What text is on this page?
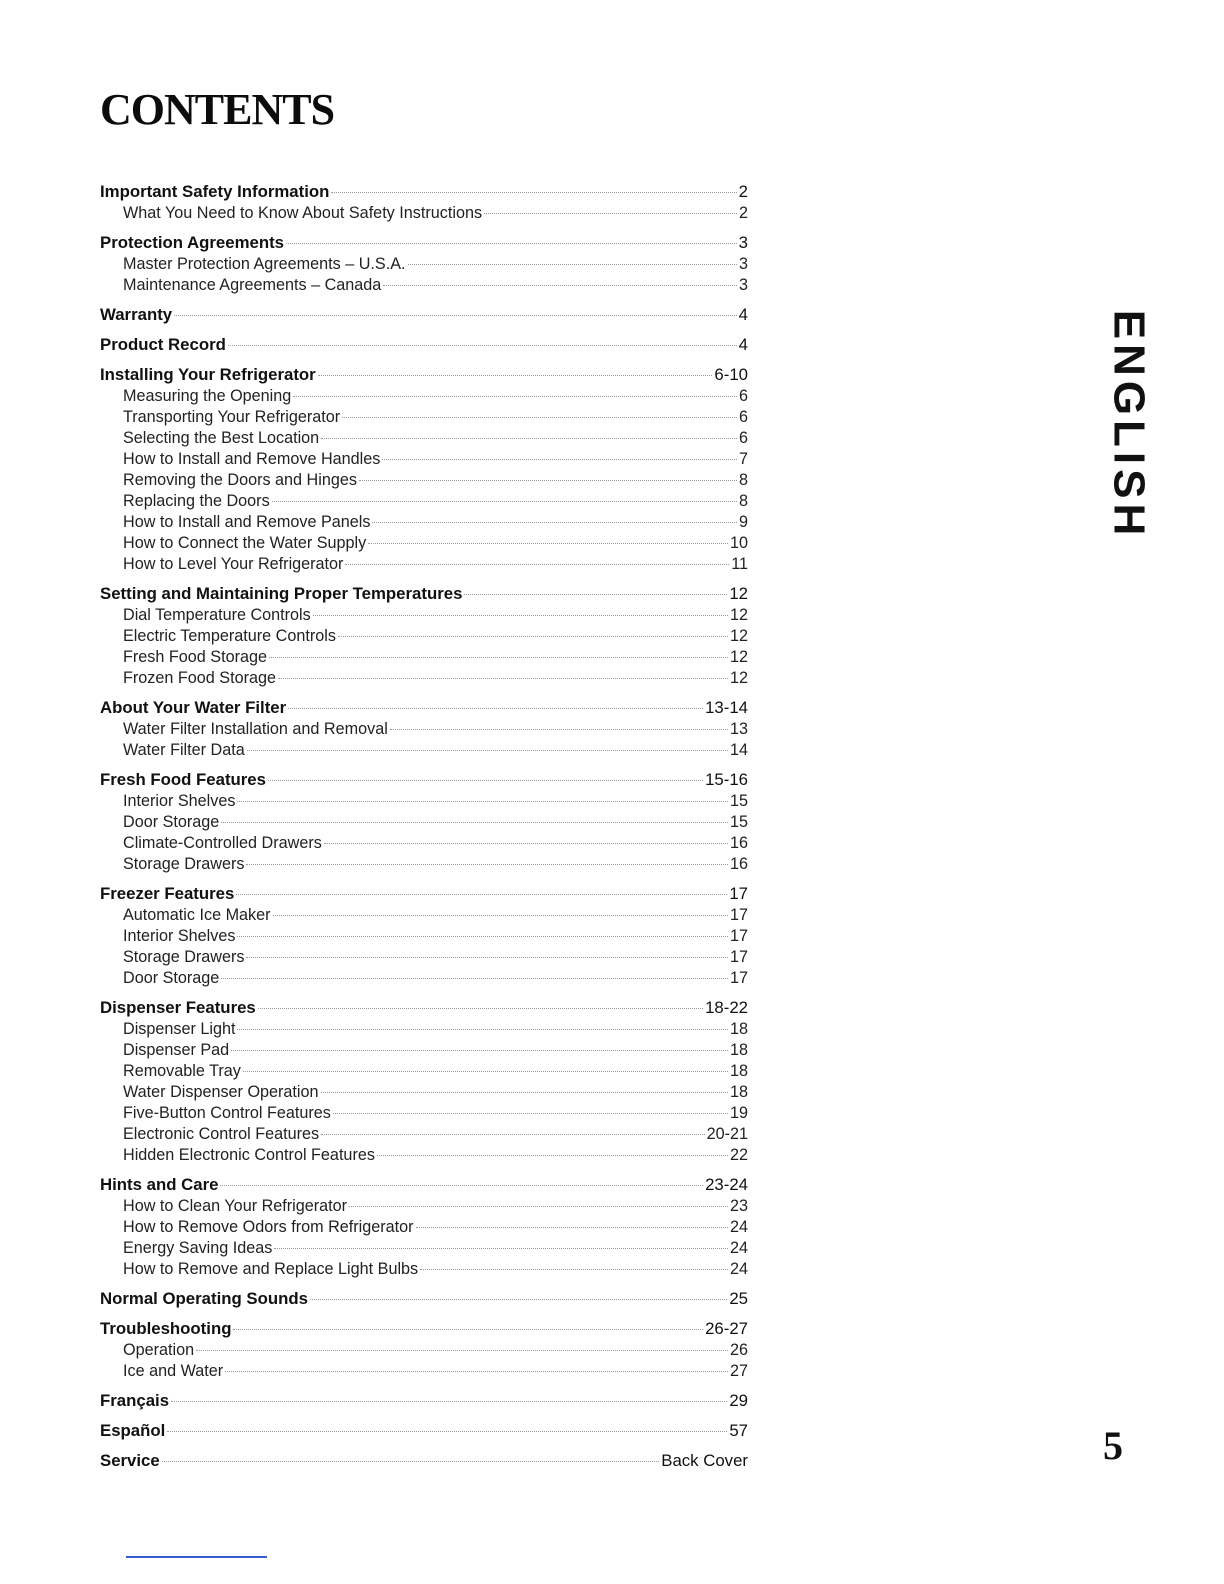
CONTENTS
Important Safety Information	2
What You Need to Know About Safety Instructions	2
Protection Agreements	3
Master Protection Agreements – U.S.A.	3
Maintenance Agreements – Canada	3
Warranty	4
Product Record	4
Installing Your Refrigerator	6-10
Measuring the Opening	6
Transporting Your Refrigerator	6
Selecting the Best Location	6
How to Install and Remove Handles	7
Removing the Doors and Hinges	8
Replacing the Doors	8
How to Install and Remove Panels	9
How to Connect the Water Supply	10
How to Level Your Refrigerator	11
Setting and Maintaining Proper Temperatures	12
Dial Temperature Controls	12
Electric Temperature Controls	12
Fresh Food Storage	12
Frozen Food Storage	12
About Your Water Filter	13-14
Water Filter Installation and Removal	13
Water Filter Data	14
Fresh Food Features	15-16
Interior Shelves	15
Door Storage	15
Climate-Controlled Drawers	16
Storage Drawers	16
Freezer Features	17
Automatic Ice Maker	17
Interior Shelves	17
Storage Drawers	17
Door Storage	17
Dispenser Features	18-22
Dispenser Light	18
Dispenser Pad	18
Removable Tray	18
Water Dispenser Operation	18
Five-Button Control Features	19
Electronic Control Features	20-21
Hidden Electronic Control Features	22
Hints and Care	23-24
How to Clean Your Refrigerator	23
How to Remove Odors from Refrigerator	24
Energy Saving Ideas	24
How to Remove and Replace Light Bulbs	24
Normal Operating Sounds	25
Troubleshooting	26-27
Operation	26
Ice and Water	27
Français	29
Español	57
Service	Back Cover
ENGLISH
5
